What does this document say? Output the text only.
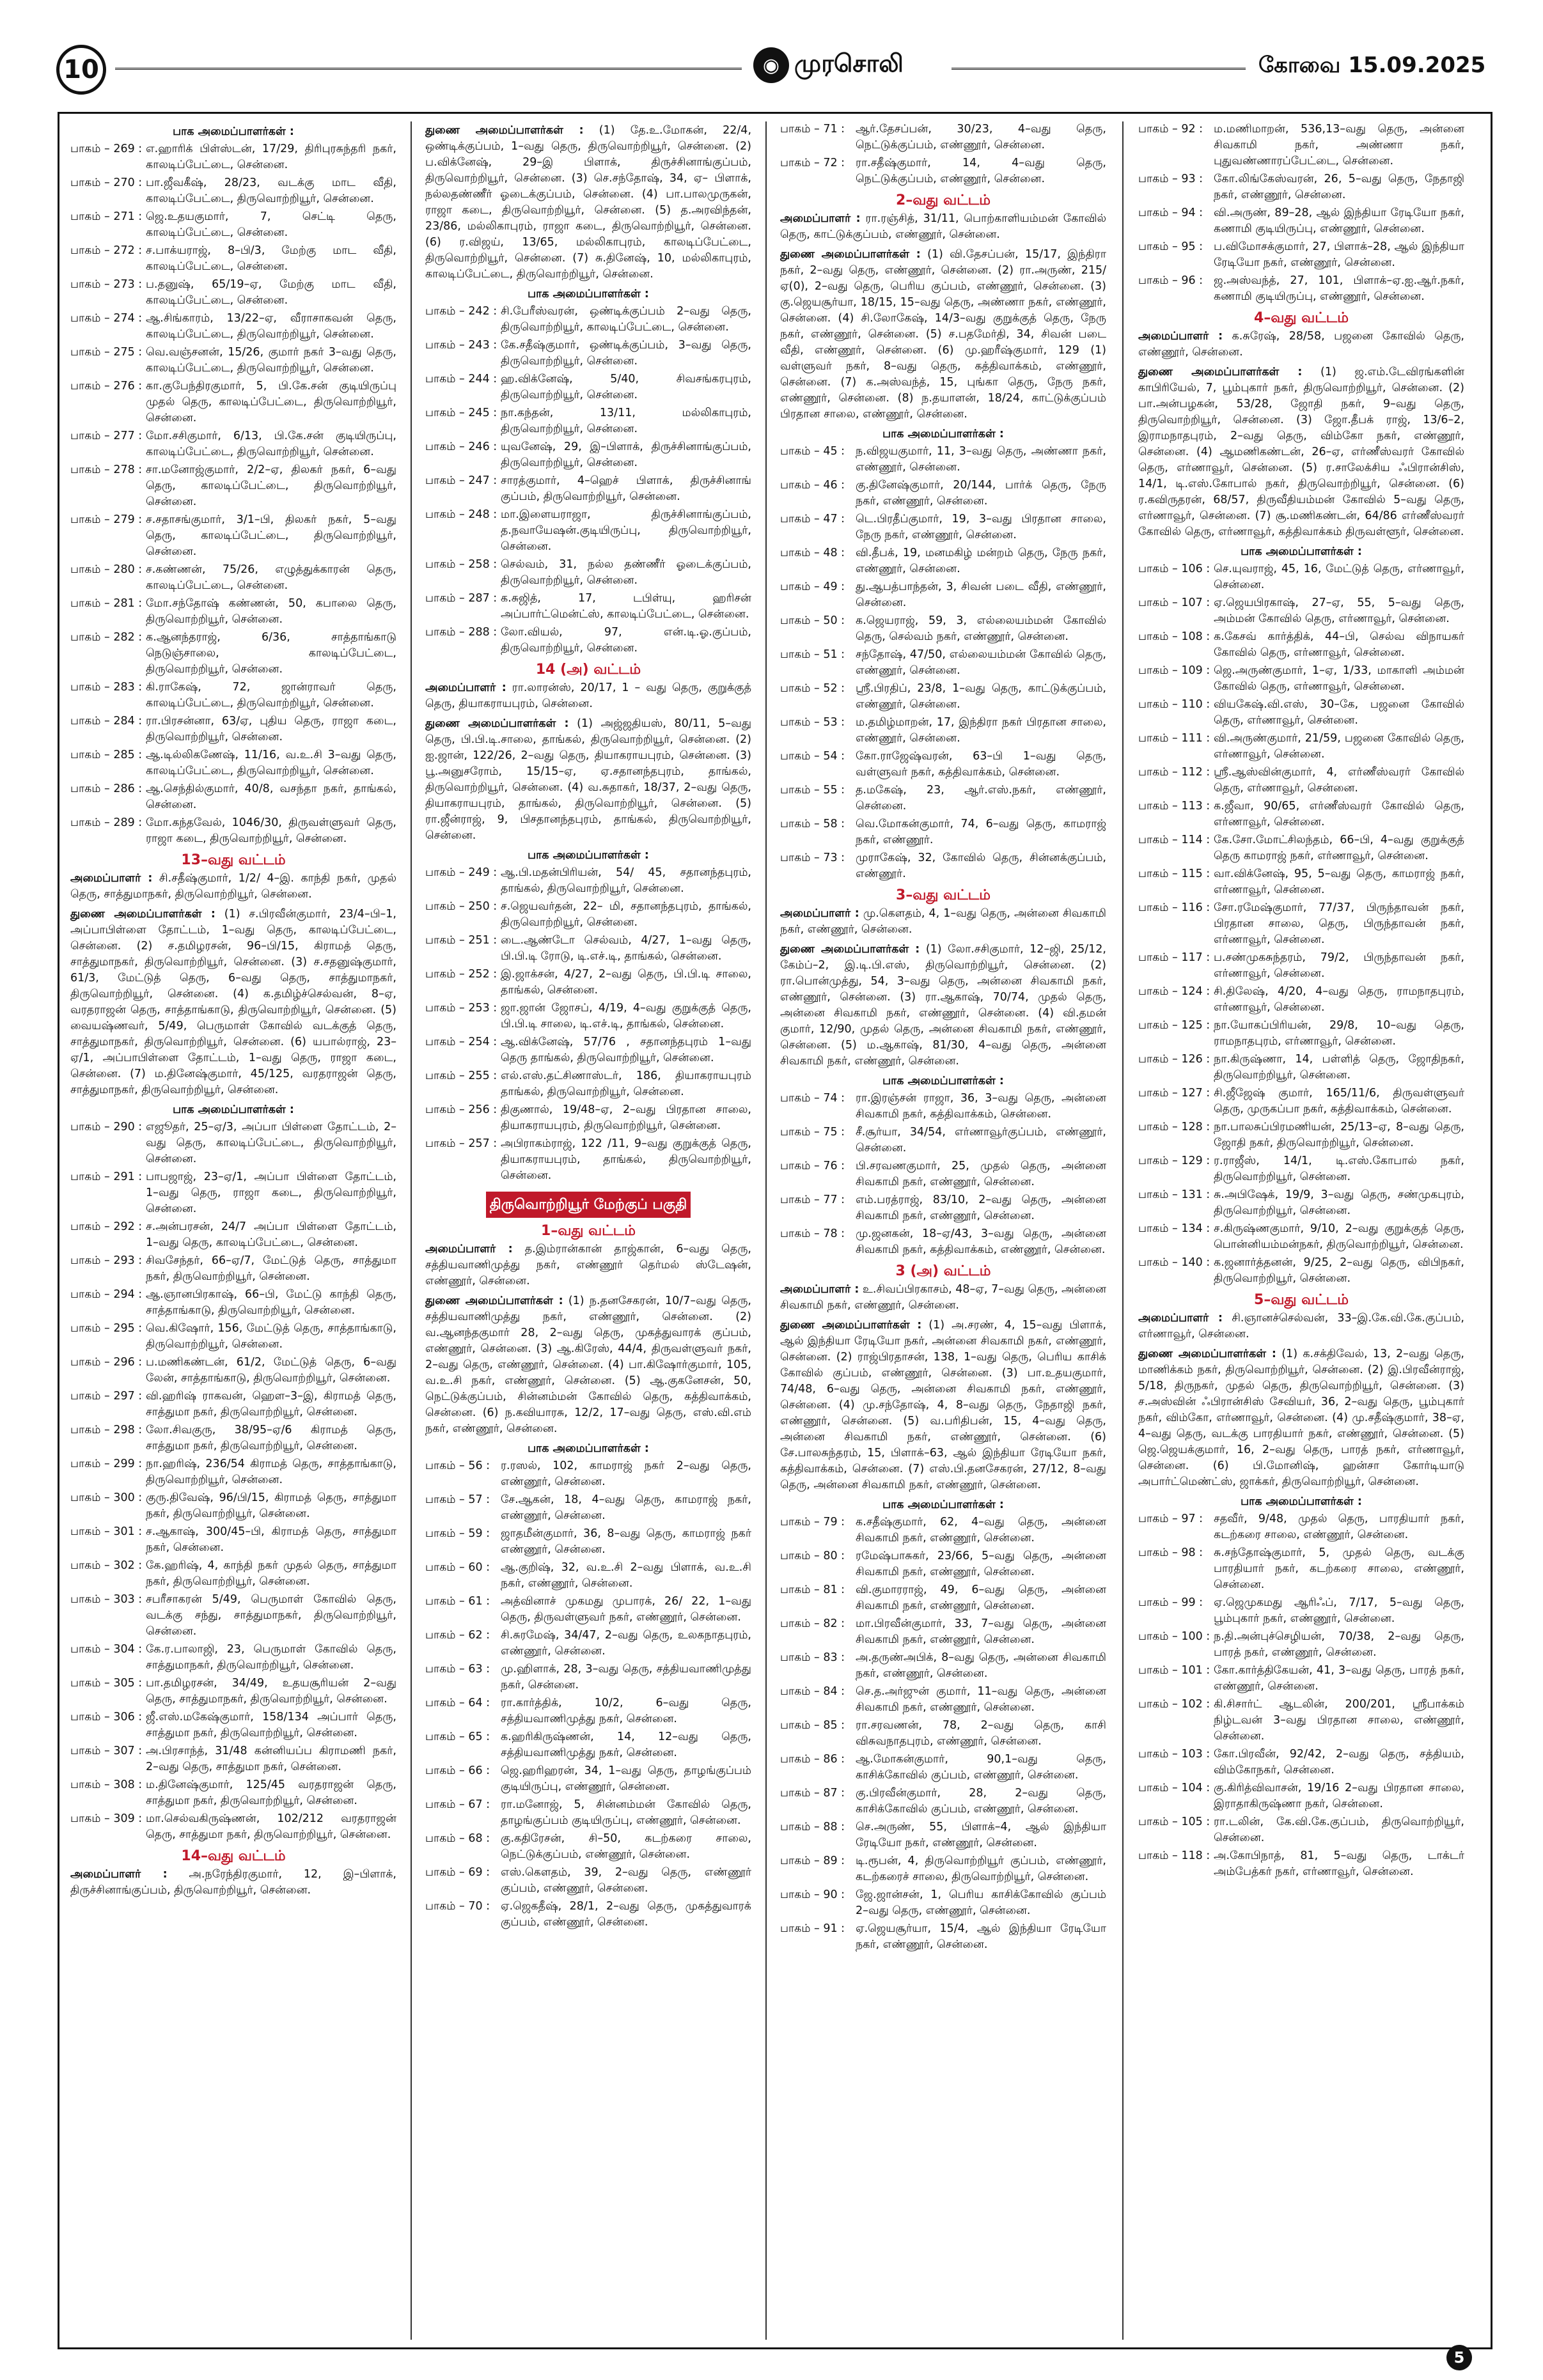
10	◉ முரசொலி	கோவை 15.09.2025
பாக அமைப்பாளர்கள் :
பாகம் – 269 : எ.ஹாரிக் பிள்ஸ்டன், 17/29, திரிபுரசுந்தரி நகர், காலடிப்பேட்டை, சென்னை.
பாகம் – 270 : பா.ஜீவகீஷ், 28/23, வடக்கு மாட வீதி, காலடிப்பேட்டை, திருவொற்றியூர், சென்னை.
பாகம் – 271 : ஜெ.உதயகுமார், 7, செட்டி தெரு, காலடிப்பேட்டை, சென்னை.
பாகம் – 272 : ச.பாக்யராஜ், 8–பி/3, மேற்கு மாட வீதி, காலடிப்பேட்டை, சென்னை.
பாகம் – 273 : ப.தனுஷ், 65/19–ஏ, மேற்கு மாட வீதி, காலடிப்பேட்டை, சென்னை.
பாகம் – 274 : ஆ.சிங்காரம், 13/22–ஏ, வீராசாகவன் தெரு, காலடிப்பேட்டை, திருவொற்றியூர், சென்னை.
பாகம் – 275 : வெ.வஞ்சனன், 15/26, குமார் நகர் 3–வது தெரு, காலடிப்பேட்டை, திருவொற்றியூர், சென்னை.
பாகம் – 276 : கா.குபேந்திரகுமார், 5, பி.கே.சன் குடியிருப்பு முதல் தெரு, காலடிப்பேட்டை, திருவொற்றியூர், சென்னை.
பாகம் – 277 : மோ.சசிகுமார், 6/13, பி.கே.சன் குடியிருப்பு, காலடிப்பேட்டை, திருவொற்றியூர், சென்னை.
பாகம் – 278 : சா.மனோஜ்குமார், 2/2–ஏ, திலகர் நகர், 6–வது தெரு, காலடிப்பேட்டை, திருவொற்றியூர், சென்னை.
பாகம் – 279 : ச.சதாசங்குமார், 3/1–பி, திலகர் நகர், 5–வது தெரு, காலடிப்பேட்டை, திருவொற்றியூர், சென்னை.
பாகம் – 280 : ச.கண்ணன், 75/26, எழுத்துக்காரன் தெரு, காலடிப்பேட்டை, சென்னை.
பாகம் – 281 : மோ.சந்தோஷ் கண்ணன், 50, கபாலை தெரு, திருவொற்றியூர், சென்னை.
பாகம் – 282 : க.ஆனந்தராஜ், 6/36, சாத்தாங்காடு நெடுஞ்சாலை, காலடிப்பேட்டை, திருவொற்றியூர், சென்னை.
பாகம் – 283 : கி.ராகேஷ், 72, ஜான்ராவர் தெரு, காலடிப்பேட்டை, திருவொற்றியூர், சென்னை.
பாகம் – 284 : ரா.பிரசன்னா, 63/ஏ, புதிய தெரு, ராஜா கடை, திருவொற்றியூர், சென்னை.
பாகம் – 285 : ஆ.டில்லிகணேஷ், 11/16, வ.உ.சி 3–வது தெரு, காலடிப்பேட்டை, திருவொற்றியூர், சென்னை.
பாகம் – 286 : ஆ.செந்தில்குமார், 40/8, வசந்தா நகர், தாங்கல், சென்னை.
பாகம் – 289 : மோ.கந்தவேல், 1046/30, திருவள்ளுவர் தெரு, ராஜா கடை, திருவொற்றியூர், சென்னை.
13–வது வட்டம்
அமைப்பாளர் : சி.சதீஷ்குமார், 1/2/ 4–இ. காந்தி நகர், முதல் தெரு, சாத்துமாநகர், திருவொற்றியூர், சென்னை.
துணை அமைப்பாளர்கள் : (1) ச.பிரவீன்குமார், 23/4–பி–1, அப்பாபிள்ளை தோட்டம், 1–வது தெரு, காலடிப்பேட்டை, சென்னை. (2) ச.தமிழரசன், 96–பி/15, கிராமத் தெரு, சாத்துமாநகர், திருவொற்றியூர், சென்னை. (3) ச.சதனுஷ்குமார், 61/3, மேட்டுத் தெரு, 6–வது தெரு, சாத்துமாநகர், திருவொற்றியூர், சென்னை. (4) க.தமிழ்ச்செல்வன், 8–ஏ, வரதராஜன் தெரு, சாத்தாங்காடு, திருவொற்றியூர், சென்னை. (5) வையஷ்ணவர், 5/49, பெருமாள் கோவில் வடக்குத் தெரு, சாத்துமாநகர், திருவொற்றியூர், சென்னை. (6) யபால்ராஜ், 23–ஏ/1, அப்பாபிள்ளை தோட்டம், 1–வது தெரு, ராஜா கடை, சென்னை. (7) ம.தினேஷ்குமார், 45/125, வரதராஜன் தெரு, சாத்துமாநகர், திருவொற்றியூர், சென்னை.
பாக அமைப்பாளர்கள் :
பாகம் – 290 : எஜூதர், 25–ஏ/3, அப்பா பிள்ளை தோட்டம், 2–வது தெரு, காலடிப்பேட்டை, திருவொற்றியூர், சென்னை.
பாகம் – 291 : பாபஜாஜ், 23–ஏ/1, அப்பா பிள்ளை தோட்டம், 1–வது தெரு, ராஜா கடை, திருவொற்றியூர், சென்னை.
பாகம் – 292 : ச.அன்பரசன், 24/7 அப்பா பிள்ளை தோட்டம், 1–வது தெரு, காலடிப்பேட்டை, சென்னை.
பாகம் – 293 : சிவசேந்தர், 66–ஏ/7, மேட்டுத் தெரு, சாத்துமா நகர், திருவொற்றியூர், சென்னை.
பாகம் – 294 : ஆ.ஞானபிரகாஷ், 66–பி, மேட்டு காந்தி தெரு, சாத்தாங்காடு, திருவொற்றியூர், சென்னை.
பாகம் – 295 : வெ.கிஷோர், 156, மேட்டுத் தெரு, சாத்தாங்காடு, திருவொற்றியூர், சென்னை.
பாகம் – 296 : ப.மணிகண்டன், 61/2, மேட்டுத் தெரு, 6–வது லேன், சாத்தாங்காடு, திருவொற்றியூர், சென்னை.
பாகம் – 297 : வி.ஹரிஷ் ராகவன், ஹௌ–3–இ, கிராமத் தெரு, சாத்துமா நகர், திருவொற்றியூர், சென்னை.
பாகம் – 298 : லோ.சிவகுரு, 38/95–ஏ/6 கிராமத் தெரு, சாத்துமா நகர், திருவொற்றியூர், சென்னை.
பாகம் – 299 : நா.ஹரிஷ், 236/54 கிராமத் தெரு, சாத்தாங்காடு, திருவொற்றியூர், சென்னை.
பாகம் – 300 : குரு.திவேஷ், 96/பி/15, கிராமத் தெரு, சாத்துமா நகர், திருவொற்றியூர், சென்னை.
பாகம் – 301 : ச.ஆகாஷ், 300/45–பி, கிராமத் தெரு, சாத்துமா நகர், சென்னை.
பாகம் – 302 : கே.ஹரிஷ், 4, காந்தி நகர் முதல் தெரு, சாத்துமா நகர், திருவொற்றியூர், சென்னை.
பாகம் – 303 : சபரீசாகரன் 5/49, பெருமாள் கோவில் தெரு, வடக்கு சந்து, சாத்துமாநகர், திருவொற்றியூர், சென்னை.
பாகம் – 304 : கே.ர.பாலாஜி, 23, பெருமாள் கோவில் தெரு, சாத்துமாநகர், திருவொற்றியூர், சென்னை.
பாகம் – 305 : பா.தமிழரசன், 34/49, உதயசூரியன் 2–வது தெரு, சாத்துமாநகர், திருவொற்றியூர், சென்னை.
பாகம் – 306 : ஜீ.எஸ்.மகேஷ்குமார், 158/134 அப்பார் தெரு, சாத்துமா நகர், திருவொற்றியூர், சென்னை.
பாகம் – 307 : அ.பிரசாந்த், 31/48 கன்னியப்ப கிராமணி நகர், 2–வது தெரு, சாத்துமா நகர், சென்னை.
பாகம் – 308 : ம.தினேஷ்குமார், 125/45 வரதராஜன் தெரு, சாத்துமா நகர், திருவொற்றியூர், சென்னை.
பாகம் – 309 : மா.செல்வகிருஷ்ணன், 102/212 வரதராஜன் தெரு, சாத்துமா நகர், திருவொற்றியூர், சென்னை.
14–வது வட்டம்
அமைப்பாளர் : அ.நரேந்திரகுமார், 12, இ–பிளாக், திருச்சினாங்குப்பம், திருவொற்றியூர், சென்னை.
துணை அமைப்பாளர்கள் : (1) தே.உ.மோகன், 22/4, ஒண்டிக்குப்பம், 1–வது தெரு, திருவொற்றியூர், சென்னை. (2) ப.விக்னேஷ், 29–இ பிளாக், திருச்சினாங்குப்பம், திருவொற்றியூர், சென்னை. (3) செ.சந்தோஷ், 34, ஏ– பிளாக், நல்லதண்ணீர் ஓடைக்குப்பம், சென்னை. (4) பா.பாலமுருகன், ராஜா கடை, திருவொற்றியூர், சென்னை. (5) த.அரவிந்தன், 23/86, மல்லிகாபுரம், ராஜா கடை, திருவொற்றியூர், சென்னை. (6) ர.விஜய், 13/65, மல்லிகாபுரம், காலடிப்பேட்டை, திருவொற்றியூர், சென்னை. (7) சு.தினேஷ், 10, மல்லிகாபுரம், காலடிப்பேட்டை, திருவொற்றியூர், சென்னை.
பாக அமைப்பாளர்கள் :
பாகம் – 242 : சி.பேரீஸ்வரன், ஒண்டிக்குப்பம் 2–வது தெரு, திருவொற்றியூர், காலடிப்பேட்டை, சென்னை.
பாகம் – 243 : கே.சதீஷ்குமார், ஒண்டிக்குப்பம், 3–வது தெரு, திருவொற்றியூர், சென்னை.
பாகம் – 244 : ஹ.விக்னேஷ், 5/40, சிவசங்கரபுரம், திருவொற்றியூர், சென்னை.
பாகம் – 245 : நா.கந்தன், 13/11, மல்லிகாபுரம், திருவொற்றியூர், சென்னை.
பாகம் – 246 : யுவனேஷ், 29, இ–பிளாக், திருச்சினாங்குப்பம், திருவொற்றியூர், சென்னை.
பாகம் – 247 : சாரத்குமார், 4–ஹெச் பிளாக், திருச்சினாங் குப்பம், திருவொற்றியூர், சென்னை.
பாகம் – 248 : மா.இளையராஜா, திருச்சினாங்குப்பம், த.நவாயேஷன்.குடியிருப்பு, திருவொற்றியூர், சென்னை.
பாகம் – 258 : செல்வம், 31, நல்ல தண்ணீர் ஓடைக்குப்பம், திருவொற்றியூர், சென்னை.
பாகம் – 287 : க.சுஜித், 17, டபிள்யு, ஹரிசன் அப்பார்ட்மென்ட்ஸ், காலடிப்பேட்டை, சென்னை.
பாகம் – 288 : லோ.வியல், 97, என்.டி.ஓ.குப்பம், திருவொற்றியூர், சென்னை.
14 (அ) வட்டம்
அமைப்பாளர் : ரா.லாரன்ஸ், 20/17, 1 – வது தெரு, குறுக்குத் தெரு, தியாகராயபுரம், சென்னை.
துணை அமைப்பாளர்கள் : (1) அஜ்ஜதியஸ், 80/11, 5–வது தெரு, பி.பி.டி.சாலை, தாங்கல், திருவொற்றியூர், சென்னை. (2) ஐ.ஜான், 122/26, 2–வது தெரு, தியாகராயபுரம், சென்னை. (3) பூ.அனுசரோம், 15/15–ஏ, ஏ.சதானந்தபுரம், தாங்கல், திருவொற்றியூர், சென்னை. (4) வ.சுதாகர், 18/37, 2–வது தெரு, தியாகராயபுரம், தாங்கல், திருவொற்றியூர், சென்னை. (5) ரா.ஜீன்ராஜ், 9, பிசதானந்தபுரம், தாங்கல், திருவொற்றியூர், சென்னை.
பாக அமைப்பாளர்கள் :
பாகம் – 249 : ஆ.பி.மதன்பிரியன், 54/ 45, சதானந்தபுரம், தாங்கல், திருவொற்றியூர், சென்னை.
பாகம் – 250 : ச.ஜெயவர்தன், 22– மி, சதானந்தபுரம், தாங்கல், திருவொற்றியூர், சென்னை.
பாகம் – 251 : டை.ஆண்டோ செல்வம், 4/27, 1–வது தெரு, பி.பி.டி ரோடு, டி.எச்.டி, தாங்கல், சென்னை.
பாகம் – 252 : இ.ஜாக்சன், 4/27, 2–வது தெரு, பி.பி.டி சாலை, தாங்கல், சென்னை.
பாகம் – 253 : ஜா.ஜான் ஜோசப், 4/19, 4–வது குறுக்குத் தெரு, பி.பி.டி சாலை, டி.எச்.டி, தாங்கல், சென்னை.
பாகம் – 254 : ஆ.விக்னேஷ், 57/76 , சதானந்தபுரம் 1–வது தெரு தாங்கல், திருவொற்றியூர், சென்னை.
பாகம் – 255 : எல்.எஸ்.தட்சிணாஸ்டர், 186, தியாகராயபுரம் தாங்கல், திருவொற்றியூர், சென்னை.
பாகம் – 256 : திகுணால், 19/48–ஏ, 2–வது பிரதான சாலை, தியாகராயபுரம், திருவொற்றியூர், சென்னை.
பாகம் – 257 : அபிராகம்ராஜ், 122 /11, 9–வது குறுக்குத் தெரு, தியாகராயபுரம், தாங்கல், திருவொற்றியூர், சென்னை.
திருவொற்றியூர் மேற்குப் பகுதி
1–வது வட்டம்
அமைப்பாளர் : த.இம்ரான்கான் தாஜ்கான், 6–வது தெரு, சத்தியவாணிமுத்து நகர், எண்ணூர் தெர்மல் ஸ்டேஷன், எண்ணூர், சென்னை.
துணை அமைப்பாளர்கள் : (1) ந.தனசேகரன், 10/7–வது தெரு, சத்தியவாணிமுத்து நகர், எண்ணூர், சென்னை. (2) வ.ஆனந்தகுமார் 28, 2–வது தெரு, முகத்துவாரக் குப்பம், எண்ணூர், சென்னை. (3) ஆ.கிரேஸ், 44/4, திருவள்ளுவர் நகர், 2–வது தெரு, எண்ணூர், சென்னை. (4) பா.கிஷோர்குமார், 105, வ.உ.சி நகர், எண்ணூர், சென்னை. (5) ஆ.குகனேசன், 50, நெட்டுக்குப்பம், சின்னம்மன் கோவில் தெரு, கத்திவாக்கம், சென்னை. (6) ந.கவியாரசு, 12/2, 17–வது தெரு, எஸ்.வி.எம் நகர், எண்ணூர், சென்னை.
பாக அமைப்பாளர்கள் :
பாகம் – 56 : ர.ரஸல், 102, காமராஜ் நகர் 2–வது தெரு, எண்ணூர், சென்னை.
பாகம் – 57 : சே.ஆகன், 18, 4–வது தெரு, காமராஜ் நகர், எண்ணூர், சென்னை.
பாகம் – 59 : ஜாதமீன்குமார், 36, 8–வது தெரு, காமராஜ் நகர் எண்ணூர், சென்னை.
பாகம் – 60 : ஆ.குறிஷ், 32, வ.உ.சி 2–வது பிளாக், வ.உ.சி நகர், எண்ணூர், சென்னை.
பாகம் – 61 : அத்வினாச் முகமது முபாரக், 26/ 22, 1–வது தெரு, திருவள்ளுவர் நகர், எண்ணூர், சென்னை.
பாகம் – 62 : சி.சுரமேஷ், 34/47, 2–வது தெரு, உலகநாதபுரம், எண்ணூர், சென்னை.
பாகம் – 63 : மு.ஹிளாக், 28, 3–வது தெரு, சத்தியவாணிமுத்து நகர், சென்னை.
பாகம் – 64 : ரா.கார்த்திக், 10/2, 6–வது தெரு, சத்தியவாணிமுத்து நகர், சென்னை.
பாகம் – 65 : க.ஹரிகிருஷ்ணன், 14, 12–வது தெரு, சத்தியவாணிமுத்து நகர், சென்னை.
பாகம் – 66 : ஜெ.ஹரிஹரன், 34, 1–வது தெரு, தாழங்குப்பம் குடியிருப்பு, எண்ணூர், சென்னை.
பாகம் – 67 : ரா.மனோஜ், 5, சின்னம்மன் கோவில் தெரு, தாழங்குப்பம் குடியிருப்பு, எண்ணூர், சென்னை.
பாகம் – 68 : கு.கதிரேசன், சி–50, கடற்கரை சாலை, நெட்டுக்குப்பம், எண்ணூர், சென்னை.
பாகம் – 69 : எஸ்.கெளதம், 39, 2–வது தெரு, எண்ணூர் குப்பம், எண்ணூர், சென்னை.
பாகம் – 70 : ஏ.ஜெகதீஷ், 28/1, 2–வது தெரு, முகத்துவாரக் குப்பம், எண்ணூர், சென்னை.
பாகம் – 71 : ஆர்.தேசப்பன், 30/23, 4–வது தெரு, நெட்டுக்குப்பம், எண்ணூர், சென்னை.
பாகம் – 72 : ரா.சதீஷ்குமார், 14, 4–வது தெரு, நெட்டுக்குப்பம், எண்ணூர், சென்னை.
2–வது வட்டம்
அமைப்பாளர் : ரா.ரஞ்சித், 31/11, பொற்காளியம்மன் கோவில் தெரு, காட்டுக்குப்பம், எண்ணூர், சென்னை.
துணை அமைப்பாளர்கள் : (1) வி.தேசப்பன், 15/17, இந்திரா நகர், 2–வது தெரு, எண்ணூர், சென்னை. (2) ரா.அருண், 215/ஏ(0), 2–வது தெரு, பெரிய குப்பம், எண்ணூர், சென்னை. (3) கு.ஜெயசூர்யா, 18/15, 15–வது தெரு, அண்ணா நகர், எண்ணூர், சென்னை. (4) சி.லோகேஷ், 14/3–வது குறுக்குத் தெரு, நேரு நகர், எண்ணூர், சென்னை. (5) ச.பதமேர்தி, 34, சிவன் படை வீதி, எண்ணூர், சென்னை. (6) மு.ஹரீஷ்குமார், 129 (1) வள்ளுவர் நகர், 8–வது தெரு, கத்திவாக்கம், எண்ணூர், சென்னை. (7) க.அஸ்வந்த், 15, புங்கா தெரு, நேரு நகர், எண்ணூர், சென்னை. (8) ந.தயாளன், 18/24, காட்டுக்குப்பம் பிரதான சாலை, எண்ணூர், சென்னை.
பாக அமைப்பாளர்கள் :
பாகம் – 45 : ந.விஜயகுமார், 11, 3–வது தெரு, அண்ணா நகர், எண்ணூர், சென்னை.
பாகம் – 46 : கு.தினேஷ்குமார், 20/144, பார்க் தெரு, நேரு நகர், எண்ணூர், சென்னை.
பாகம் – 47 : டெ.பிரதீப்குமார், 19, 3–வது பிரதான சாலை, நேரு நகர், எண்ணூர், சென்னை.
பாகம் – 48 : வி.தீபக், 19, மனமகிழ் மன்றம் தெரு, நேரு நகர், எண்ணூர், சென்னை.
பாகம் – 49 : து.ஆபத்பாந்தன், 3, சிவன் படை வீதி, எண்ணூர், சென்னை.
பாகம் – 50 : க.ஜெயராஜ், 59, 3, எல்லையம்மன் கோவில் தெரு, செல்வம் நகர், எண்ணூர், சென்னை.
பாகம் – 51 : சந்தோஷ், 47/50, எல்லையம்மன் கோவில் தெரு, எண்ணூர், சென்னை.
பாகம் – 52 : ஸ்ரீ.பிரதிப், 23/8, 1–வது தெரு, காட்டுக்குப்பம், எண்ணூர், சென்னை.
பாகம் – 53 : ம.தமிழ்மாறன், 17, இந்திரா நகர் பிரதான சாலை, எண்ணூர், சென்னை.
பாகம் – 54 : கோ.ராஜேஷ்வரன், 63–பி 1–வது தெரு, வள்ளுவர் நகர், கத்திவாக்கம், சென்னை.
பாகம் – 55 : த.மகேஷ், 23, ஆர்.எஸ்.நகர், எண்ணூர், சென்னை.
பாகம் – 58 : வெ.மோகன்குமார், 74, 6–வது தெரு, காமராஜ் நகர், எண்ணூர்.
பாகம் – 73 : முராகேஷ், 32, கோவில் தெரு, சின்னக்குப்பம், எண்ணூர்.
3–வது வட்டம்
அமைப்பாளர் : மு.கௌதம், 4, 1–வது தெரு, அன்னை சிவகாமி நகர், எண்ணூர், சென்னை.
துணை அமைப்பாளர்கள் : (1) லோ.சசிகுமார், 12–ஜி, 25/12, கேம்ப்–2, இ.டி.பி.எஸ், திருவொற்றியூர், சென்னை. (2) ரா.பொன்முத்து, 54, 3–வது தெரு, அன்னை சிவகாமி நகர், எண்ணூர், சென்னை. (3) ரா.ஆகாஷ், 70/74, முதல் தெரு, அன்னை சிவகாமி நகர், எண்ணூர், சென்னை. (4) வி.தமன் குமார், 12/90, முதல் தெரு, அன்னை சிவகாமி நகர், எண்ணூர், சென்னை. (5) ம.ஆகாஷ், 81/30, 4–வது தெரு, அன்னை சிவகாமி நகர், எண்ணூர், சென்னை.
பாக அமைப்பாளர்கள் :
பாகம் – 74 : ரா.இரஞ்சன் ராஜா, 36, 3–வது தெரு, அன்னை சிவகாமி நகர், கத்திவாக்கம், சென்னை.
பாகம் – 75 : சீ.சூர்யா, 34/54, எர்ணாவூர்குப்பம், எண்ணூர், சென்னை.
பாகம் – 76 : பி.சரவணகுமார், 25, முதல் தெரு, அன்னை சிவகாமி நகர், எண்ணூர், சென்னை.
பாகம் – 77 : எம்.பரத்ராஜ், 83/10, 2–வது தெரு, அன்னை சிவகாமி நகர், எண்ணூர், சென்னை.
பாகம் – 78 : மு.ஜனகன், 18–ஏ/43, 3–வது தெரு, அன்னை சிவகாமி நகர், கத்திவாக்கம், எண்ணூர், சென்னை.
3 (அ) வட்டம்
அமைப்பாளர் : உ.சிவப்பிரகாசம், 48–ஏ, 7–வது தெரு, அன்னை சிவகாமி நகர், எண்ணூர், சென்னை.
துணை அமைப்பாளர்கள் : (1) அ.சரண், 4, 15–வது பிளாக், ஆல் இந்தியா ரேடியோ நகர், அன்னை சிவகாமி நகர், எண்ணூர், சென்னை. (2) ராஜ்பிரதாசன், 138, 1–வது தெரு, பெரிய காசிக் கோவில் குப்பம், எண்ணூர், சென்னை. (3) பா.உதயகுமார், 74/48, 6–வது தெரு, அன்னை சிவகாமி நகர், எண்ணூர், சென்னை. (4) மு.சந்தோஷ், 4, 8–வது தெரு, நேதாஜி நகர், எண்ணூர், சென்னை. (5) வ.பரிதிபன், 15, 4–வது தெரு, அன்னை சிவகாமி நகர், எண்ணூர், சென்னை. (6) சே.பாலசுந்தரம், 15, பிளாக்–63, ஆல் இந்தியா ரேடியோ நகர், கத்திவாக்கம், சென்னை. (7) எஸ்.பி.தனசேகரன், 27/12, 8–வது தெரு, அன்னை சிவகாமி நகர், எண்ணூர், சென்னை.
பாக அமைப்பாளர்கள் :
பாகம் – 79 : க.சதீஷ்குமார், 62, 4–வது தெரு, அன்னை சிவகாமி நகர், எண்ணூர், சென்னை.
பாகம் – 80 : ரமேஷ்பாசுகர், 23/66, 5–வது தெரு, அன்னை சிவகாமி நகர், எண்ணூர், சென்னை.
பாகம் – 81 : வி.குமாரராஜ், 49, 6–வது தெரு, அன்னை சிவகாமி நகர், எண்ணூர், சென்னை.
பாகம் – 82 : மா.பிரவீன்குமார், 33, 7–வது தெரு, அன்னை சிவகாமி நகர், எண்ணூர், சென்னை.
பாகம் – 83 : அ.தருண்அபிக், 8–வது தெரு, அன்னை சிவகாமி நகர், எண்ணூர், சென்னை.
பாகம் – 84 : செ.த.அர்ஜுன் குமார், 11–வது தெரு, அன்னை சிவகாமி நகர், எண்ணூர், சென்னை.
பாகம் – 85 : ரா.சரவணன், 78, 2–வது தெரு, காசி விசுவநாதபுரம், எண்ணூர், சென்னை.
பாகம் – 86 : ஆ.மோகன்குமார், 90,1–வது தெரு, காசிக்கோவில் குப்பம், எண்ணூர், சென்னை.
பாகம் – 87 : கு.பிரவீன்குமார், 28, 2–வது தெரு, காசிக்கோவில் குப்பம், எண்ணூர், சென்னை.
பாகம் – 88 : செ.அருண், 55, பிளாக்–4, ஆல் இந்தியா ரேடியோ நகர், எண்ணூர், சென்னை.
பாகம் – 89 : டி.ரூபன், 4, திருவொற்றியூர் குப்பம், எண்ணூர், கடற்கரைச் சாலை, திருவொற்றியூர், சென்னை.
பாகம் – 90 : ஜே.ஜான்சன், 1, பெரிய காசிக்கோவில் குப்பம் 2–வது தெரு, எண்ணூர், சென்னை.
பாகம் – 91 : ஏ.ஜெயசூர்யா, 15/4, ஆல் இந்தியா ரேடியோ நகர், எண்ணூர், சென்னை.
பாகம் – 92 : ம.மணிமாறன், 536,13–வது தெரு, அன்னை சிவகாமி நகர், அண்ணா நகர், புதுவண்ணாரப்பேட்டை, சென்னை.
பாகம் – 93 : கோ.லிங்கேஸ்வரன், 26, 5–வது தெரு, நேதாஜி நகர், எண்ணூர், சென்னை.
பாகம் – 94 : வி.அருண், 89–28, ஆல் இந்தியா ரேடியோ நகர், கணாமி குடியிருப்பு, எண்ணூர், சென்னை.
பாகம் – 95 : ப.விமோசக்குமார், 27, பிளாக்–28, ஆல் இந்தியா ரேடியோ நகர், எண்ணூர், சென்னை.
பாகம் – 96 : ஜ.அஸ்வந்த், 27, 101, பிளாக்–ஏ.ஐ.ஆர்.நகர், கணாமி குடியிருப்பு, எண்ணூர், சென்னை.
4–வது வட்டம்
அமைப்பாளர் : க.சுரேஷ், 28/58, பஜனை கோவில் தெரு, எண்ணூர், சென்னை.
துணை அமைப்பாளர்கள் : (1) ஜ.எம்.டேவிரங்களின் காபிரியேல், 7, பூம்புகார் நகர், திருவொற்றியூர், சென்னை. (2) பா.அன்பழகன், 53/28, ஜோதி நகர், 9–வது தெரு, திருவொற்றியூர், சென்னை. (3) ஜோ.தீபக் ராஜ், 13/6–2, இராமநாதபுரம், 2–வது தெரு, விம்கோ நகர், எண்ணூர், சென்னை. (4) ஆமணிகண்டன், 26–ஏ, எர்ணீஸ்வரர் கோவில் தெரு, எர்ணாவூர், சென்னை. (5) ர.சாலேக்சிய ஃபிரான்சிஸ், 14/1, டி.எஸ்.கோபால் நகர், திருவொற்றியூர், சென்னை. (6) ர.கவிருதரன், 68/57, திருவீதியம்மன் கோவில் 5–வது தெரு, எர்ணாவூர், சென்னை. (7) சூ.மணிகண்டன், 64/86 எர்ணீஸ்வரர் கோவில் தெரு, எர்ணாவூர், கத்திவாக்கம் திருவள்ளூர், சென்னை.
பாக அமைப்பாளர்கள் :
பாகம் – 106 : செ.யுவராஜ், 45, 16, மேட்டுத் தெரு, எர்ணாவூர், சென்னை.
பாகம் – 107 : ஏ.ஜெயபிரகாஷ், 27–ஏ, 55, 5–வது தெரு, அம்மன் கோவில் தெரு, எர்ணாவூர், சென்னை.
பாகம் – 108 : க.கேசவ் கார்த்திக், 44–பி, செல்வ விநாயகர் கோவில் தெரு, எர்ணாவூர், சென்னை.
பாகம் – 109 : ஜெ.அருண்குமார், 1–ஏ, 1/33, மாகாளி அம்மன் கோவில் தெரு, எர்ணாவூர், சென்னை.
பாகம் – 110 : வியகேஷ்.வி.எஸ், 30–கே, பஜனை கோவில் தெரு, எர்ணாவூர், சென்னை.
பாகம் – 111 : வி.அருண்குமார், 21/59, பஜனை கோவில் தெரு, எர்ணாவூர், சென்னை.
பாகம் – 112 : ஸ்ரீ.ஆஸ்வின்குமார், 4, எர்ணீஸ்வரர் கோவில் தெரு, எர்ணாவூர், சென்னை.
பாகம் – 113 : க.ஜீவா, 90/65, எர்ணீஸ்வரர் கோவில் தெரு, எர்ணாவூர், சென்னை.
பாகம் – 114 : கே.சோ.மோட்சிலந்தம், 66–பி, 4–வது குறுக்குத் தெரு காமராஜ் நகர், எர்ணாவூர், சென்னை.
பாகம் – 115 : வா.விக்னேஷ், 95, 5–வது தெரு, காமராஜ் நகர், எர்ணாவூர், சென்னை.
பாகம் – 116 : சோ.ரமேஷ்குமார், 77/37, பிருந்தாவன் நகர், பிரதான சாலை, தெரு, பிருந்தாவன் நகர், எர்ணாவூர், சென்னை.
பாகம் – 117 : ப.சண்முகசுந்தரம், 79/2, பிருந்தாவன் நகர், எர்ணாவூர், சென்னை.
பாகம் – 124 : சி.திலேஷ், 4/20, 4–வது தெரு, ராமநாதபுரம், எர்ணாவூர், சென்னை.
பாகம் – 125 : நா.யோகப்பிரியன், 29/8, 10–வது தெரு, ராமநாதபுரம், எர்ணாவூர், சென்னை.
பாகம் – 126 : நா.கிருஷ்ணா, 14, பள்ளித் தெரு, ஜோதிநகர், திருவொற்றியூர், சென்னை.
பாகம் – 127 : சி.ஜீஜேஷ் குமார், 165/11/6, திருவள்ளுவர் தெரு, முருகப்பா நகர், கத்திவாக்கம், சென்னை.
பாகம் – 128 : நா.பாலசுப்பிரமணியன், 25/13–ஏ, 8–வது தெரு, ஜோதி நகர், திருவொற்றியூர், சென்னை.
பாகம் – 129 : ர.ராஜீஸ், 14/1, டி.எஸ்.கோபால் நகர், திருவொற்றியூர், சென்னை.
பாகம் – 131 : சு.அபிஷேக், 19/9, 3–வது தெரு, சண்முகபுரம், திருவொற்றியூர், சென்னை.
பாகம் – 134 : ச.கிருஷ்ணகுமார், 9/10, 2–வது குறுக்குத் தெரு, பொன்னியம்மன்நகர், திருவொற்றியூர், சென்னை.
பாகம் – 140 : க.ஜனார்த்தனன், 9/25, 2–வது தெரு, விபிநகர், திருவொற்றியூர், சென்னை.
5–வது வட்டம்
அமைப்பாளர் : சி.ஞானச்செல்வன், 33–இ.கே.வி.கே.குப்பம், எர்ணாவூர், சென்னை.
துணை அமைப்பாளர்கள் : (1) க.சக்திவேல், 13, 2–வது தெரு, மாணிக்கம் நகர், திருவொற்றியூர், சென்னை. (2) இ.பிரவீன்ராஜ், 5/18, திருநகர், முதல் தெரு, திருவொற்றியூர், சென்னை. (3) ச.அஸ்வின் ஃபிரான்சிஸ் சேவியர், 36, 2–வது தெரு, பூம்புகார் நகர், விம்கோ, எர்ணாவூர், சென்னை. (4) மு.சதீஷ்குமார், 38–ஏ, 4–வது தெரு, வடக்கு பாரதியார் நகர், எண்ணூர், சென்னை. (5) ஜெ.ஜெயக்குமார், 16, 2–வது தெரு, பாரத் நகர், எர்ணாவூர், சென்னை. (6) பி.மோனிஷ், ஹன்சா கோர்டியாடு அபார்ட்மெண்ட்ஸ், ஜாக்கர், திருவொற்றியூர், சென்னை.
பாக அமைப்பாளர்கள் :
பாகம் – 97 : சதவீர், 9/48, முதல் தெரு, பாரதியார் நகர், கடற்கரை சாலை, எண்ணூர், சென்னை.
பாகம் – 98 : சு.சந்தோஷ்குமார், 5, முதல் தெரு, வடக்கு பாரதியார் நகர், கடற்கரை சாலை, எண்ணூர், சென்னை.
பாகம் – 99 : ஏ.ஜெமுகமது ஆரிஃப், 7/17, 5–வது தெரு, பூம்புகார் நகர், எண்ணூர், சென்னை.
பாகம் – 100 : ந.தி.அன்புச்செழியன், 70/38, 2–வது தெரு, பாரத் நகர், எண்ணூர், சென்னை.
பாகம் – 101 : கோ.கார்த்திகேயன், 41, 3–வது தெரு, பாரத் நகர், எண்ணூர், சென்னை.
பாகம் – 102 : கி.சிசார்ட் ஆடலின், 200/201, ஸ்ரீபாக்கம் நிழ்டவன் 3–வது பிரதான சாலை, எண்ணூர், சென்னை.
பாகம் – 103 : கோ.பிரவீன், 92/42, 2–வது தெரு, சத்தியம், விம்கோநகர், சென்னை.
பாகம் – 104 : கு.கிரித்விவாசன், 19/16 2–வது பிரதான சாலை, இராதாகிருஷ்ணா நகர், சென்னை.
பாகம் – 105 : ரா.டலின், கே.வி.கே.குப்பம், திருவொற்றியூர், சென்னை.
பாகம் – 118 : அ.கோபிநாத், 81, 5–வது தெரு, டாக்டர் அம்பேத்கர் நகர், எர்ணாவூர், சென்னை.
5
